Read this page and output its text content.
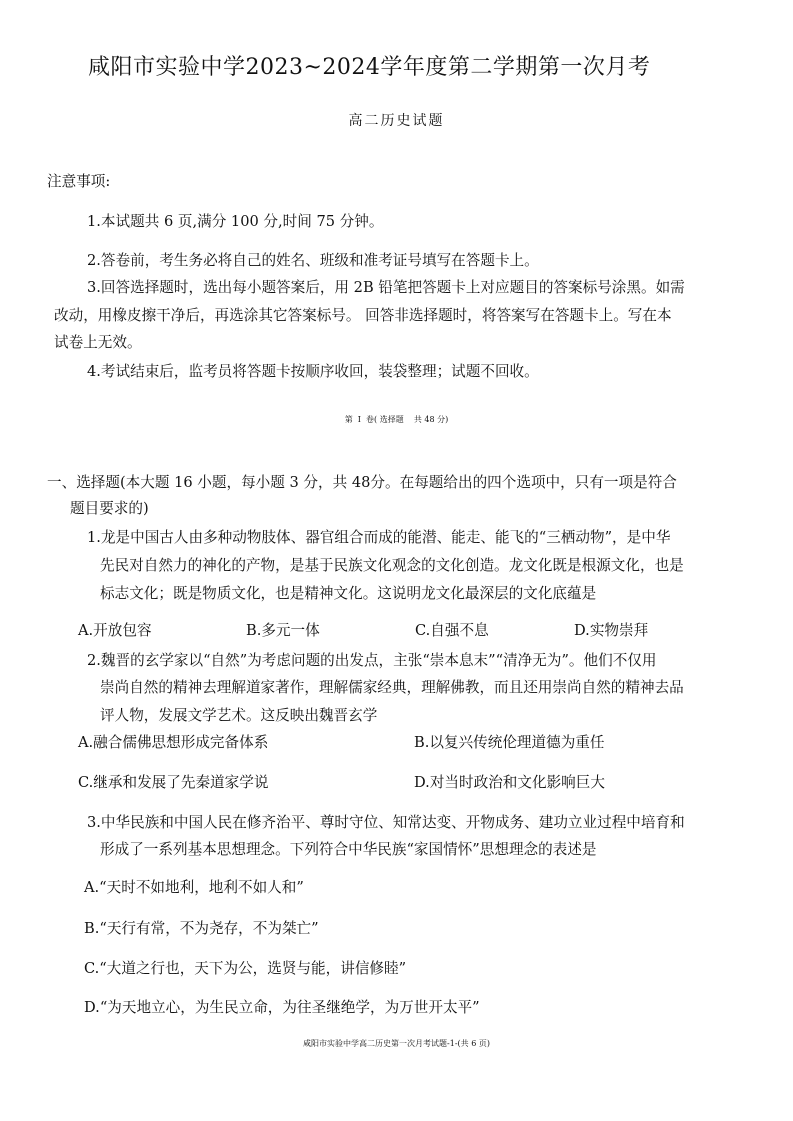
咸阳市实验中学2023~2024学年度第二学期第一次月考
高二历史试题
注意事项:
1.本试题共 6 页,满分 100 分,时间 75 分钟。
2.答卷前，考生务必将自己的姓名、班级和准考证号填写在答题卡上。
3.回答选择题时，选出每小题答案后，用 2B 铅笔把答题卡上对应题目的答案标号涂黑。如需
改动，用橡皮擦干净后，再选涂其它答案标号。 回答非选择题时，将答案写在答题卡上。写在本
试卷上无效。
4.考试结束后，监考员将答题卡按顺序收回，装袋整理；试题不回收。
第  Ⅰ  卷( 选择题    共 48 分)
一、选择题(本大题 16 小题，每小题 3 分，共 48分。在每题给出的四个选项中，只有一项是符合
题目要求的)
1.龙是中国古人由多种动物肢体、器官组合而成的能潜、能走、能飞的“三栖动物”，是中华
先民对自然力的神化的产物，是基于民族文化观念的文化创造。龙文化既是根源文化，也是
标志文化；既是物质文化，也是精神文化。这说明龙文化最深层的文化底蕴是
A.开放包容	B.多元一体	C.自强不息	D.实物崇拜
2.魏晋的玄学家以“自然”为考虑问题的出发点，主张“崇本息末”“清净无为”。他们不仅用
崇尚自然的精神去理解道家著作，理解儒家经典，理解佛教，而且还用崇尚自然的精神去品
评人物，发展文学艺术。这反映出魏晋玄学
A.融合儒佛思想形成完备体系	B.以复兴传统伦理道德为重任
C.继承和发展了先秦道家学说	D.对当时政治和文化影响巨大
3.中华民族和中国人民在修齐治平、尊时守位、知常达变、开物成务、建功立业过程中培育和
形成了一系列基本思想理念。下列符合中华民族“家国情怀”思想理念的表述是
A.“天时不如地利，地利不如人和”
B.“天行有常，不为尧存，不为桀亡”
C.“大道之行也，天下为公，选贤与能，讲信修睦”
D.“为天地立心，为生民立命，为往圣继绝学，为万世开太平”
咸阳市实验中学高二历史第一次月考试题-1-(共 6 页)
